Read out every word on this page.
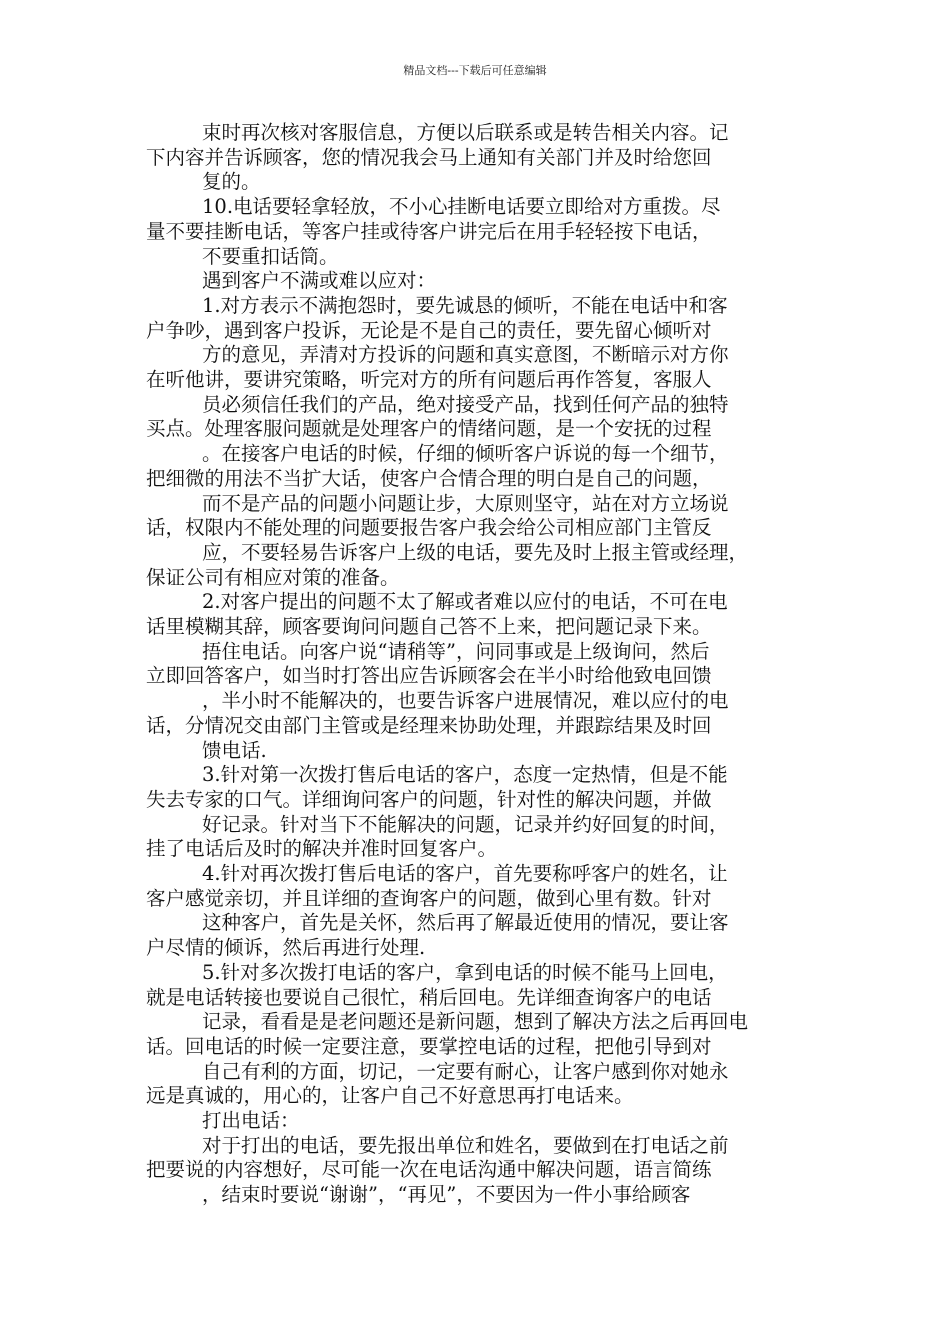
精品文档---下载后可任意编辑
束时再次核对客服信息，方便以后联系或是转告相关内容。记
下内容并告诉顾客，您的情况我会马上通知有关部门并及时给您回
复的。
10.电话要轻拿轻放，不小心挂断电话要立即给对方重拨。尽
量不要挂断电话，等客户挂或待客户讲完后在用手轻轻按下电话，
不要重扣话筒。
遇到客户不满或难以应对：
1.对方表示不满抱怨时，要先诚恳的倾听，不能在电话中和客
户争吵，遇到客户投诉，无论是不是自己的责任，要先留心倾听对
方的意见，弄清对方投诉的问题和真实意图，不断暗示对方你
在听他讲，要讲究策略，听完对方的所有问题后再作答复，客服人
员必须信任我们的产品，绝对接受产品，找到任何产品的独特
买点。处理客服问题就是处理客户的情绪问题，是一个安抚的过程
。在接客户电话的时候，仔细的倾听客户诉说的每一个细节，
把细微的用法不当扩大话，使客户合情合理的明白是自己的问题，
而不是产品的问题小问题让步，大原则坚守，站在对方立场说
话，权限内不能处理的问题要报告客户我会给公司相应部门主管反
应，不要轻易告诉客户上级的电话，要先及时上报主管或经理，
保证公司有相应对策的准备。
2.对客户提出的问题不太了解或者难以应付的电话，不可在电
话里模糊其辞，顾客要询问问题自己答不上来，把问题记录下来。
捂住电话。向客户说“请稍等”，问同事或是上级询问，然后
立即回答客户，如当时打答出应告诉顾客会在半小时给他致电回馈
，半小时不能解决的，也要告诉客户进展情况，难以应付的电
话，分情况交由部门主管或是经理来协助处理，并跟踪结果及时回
馈电话.
3.针对第一次拨打售后电话的客户，态度一定热情，但是不能
失去专家的口气。详细询问客户的问题，针对性的解决问题，并做
好记录。针对当下不能解决的问题，记录并约好回复的时间，
挂了电话后及时的解决并准时回复客户。
4.针对再次拨打售后电话的客户，首先要称呼客户的姓名，让
客户感觉亲切，并且详细的查询客户的问题，做到心里有数。针对
这种客户，首先是关怀，然后再了解最近使用的情况，要让客
户尽情的倾诉，然后再进行处理.
5.针对多次拨打电话的客户，拿到电话的时候不能马上回电，
就是电话转接也要说自己很忙，稍后回电。先详细查询客户的电话
记录，看看是是老问题还是新问题，想到了解决方法之后再回电
话。回电话的时候一定要注意，要掌控电话的过程，把他引导到对
自己有利的方面，切记，一定要有耐心，让客户感到你对她永
远是真诚的，用心的，让客户自己不好意思再打电话来。
打出电话：
对于打出的电话，要先报出单位和姓名，要做到在打电话之前
把要说的内容想好，尽可能一次在电话沟通中解决问题，语言简练
，结束时要说“谢谢”，“再见”，不要因为一件小事给顾客
